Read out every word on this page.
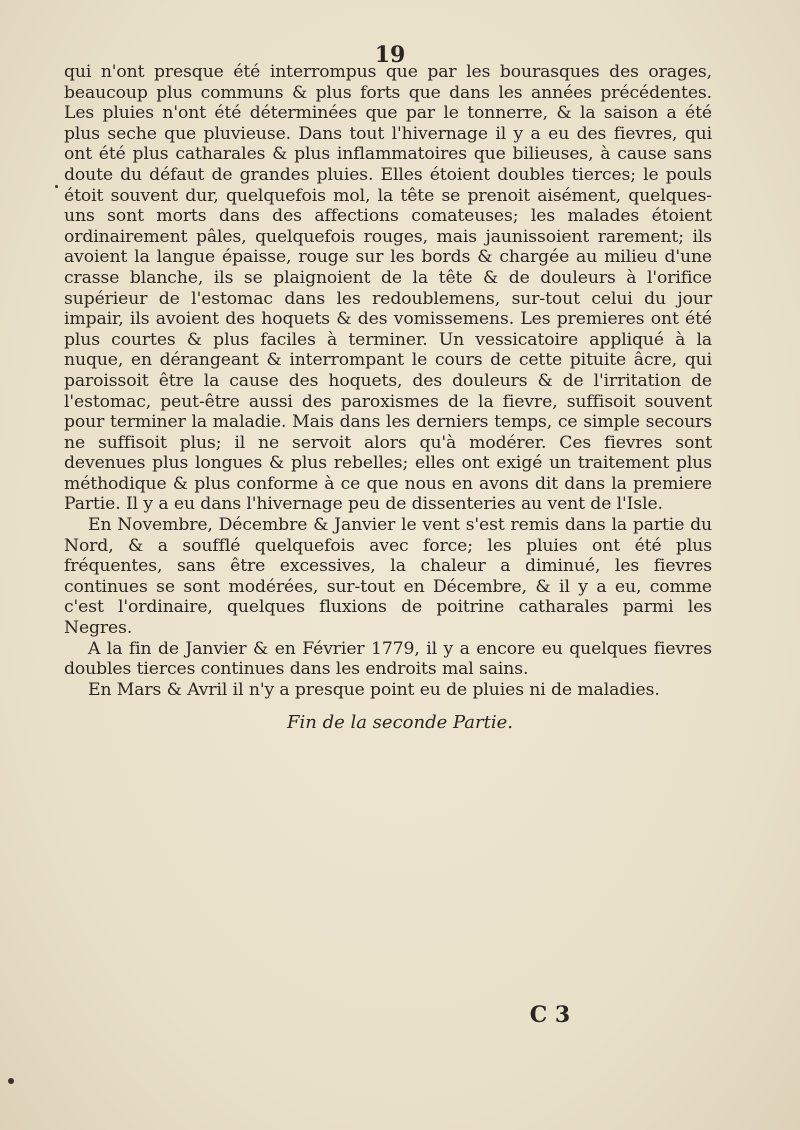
19

qui n'ont presque été interrompus que par les bourasques des orages, beaucoup plus communs & plus forts que dans les années précédentes. Les pluies n'ont été déterminées que par le tonnerre, & la saison a été plus seche que pluvieuse. Dans tout l'hivernage il y a eu des fievres, qui ont été plus catharales & plus inflammatoires que bilieuses, à cause sans doute du défaut de grandes pluies. Elles étoient doubles tierces; le pouls étoit souvent dur, quelquefois mol, la tête se prenoit aisément, quelques-uns sont morts dans des affections comateuses; les malades étoient ordinairement pâles, quelquefois rouges, mais jaunissoient rarement; ils avoient la langue épaisse, rouge sur les bords & chargée au milieu d'une crasse blanche, ils se plaignoient de la tête & de douleurs à l'orifice supérieur de l'estomac dans les redoublemens, sur-tout celui du jour impair, ils avoient des hoquets & des vomissemens. Les premieres ont été plus courtes & plus faciles à terminer. Un vessicatoire appliqué à la nuque, en dérangeant & interrompant le cours de cette pituite âcre, qui paroissoit être la cause des hoquets, des douleurs & de l'irritation de l'estomac, peut-être aussi des paroxismes de la fievre, suffisoit souvent pour terminer la maladie. Mais dans les derniers temps, ce simple secours ne suffisoit plus; il ne servoit alors qu'à modérer. Ces fievres sont devenues plus longues & plus rebelles; elles ont exigé un traitement plus méthodique & plus conforme à ce que nous en avons dit dans la premiere Partie. Il y a eu dans l'hivernage peu de dissenteries au vent de l'Isle.

En Novembre, Décembre & Janvier le vent s'est remis dans la partie du Nord, & a soufflé quelquefois avec force; les pluies ont été plus fréquentes, sans être excessives, la chaleur a diminué, les fievres continues se sont modérées, sur-tout en Décembre, & il y a eu, comme c'est l'ordinaire, quelques fluxions de poitrine catharales parmi les Negres.

A la fin de Janvier & en Février 1779, il y a encore eu quelques fievres doubles tierces continues dans les endroits mal sains.

En Mars & Avril il n'y a presque point eu de pluies ni de maladies.

Fin de la seconde Partie.
C 3
